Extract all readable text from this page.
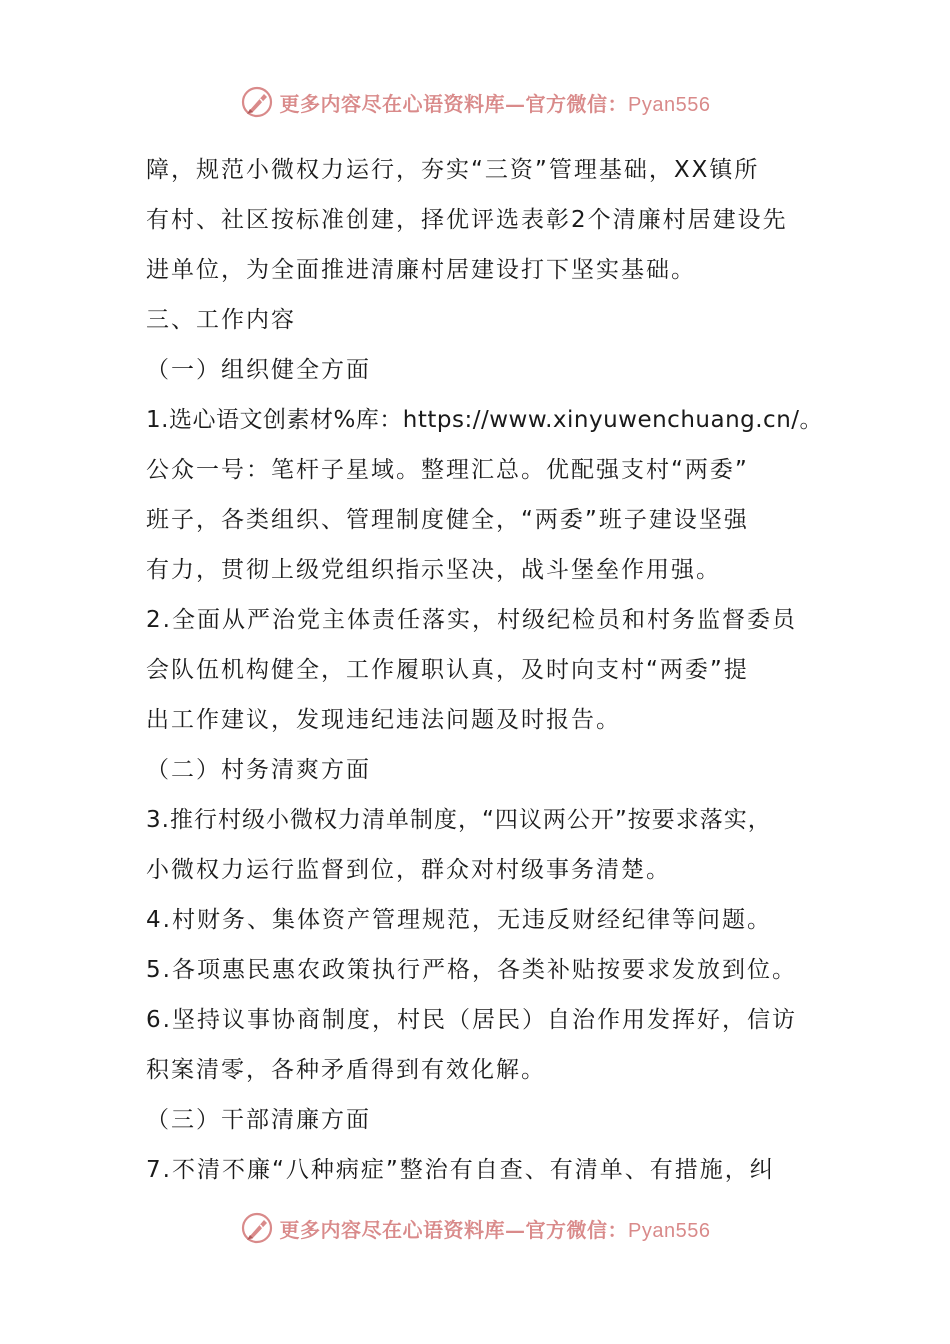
更多内容尽在心语资料库—官方微信：Pyan556
障，规范小微权力运行，夯实“三资”管理基础，XX镇所
有村、社区按标准创建，择优评选表彰2个清廉村居建设先
进单位，为全面推进清廉村居建设打下坚实基础。
三、工作内容
（一）组织健全方面
1.选心语文创素材%库：https://www.xinyuwenchuang.cn/。
公众一号：笔杆子星域。整理汇总。优配强支村“两委”
班子，各类组织、管理制度健全，“两委”班子建设坚强
有力，贯彻上级党组织指示坚决，战斗堡垒作用强。
2.全面从严治党主体责任落实，村级纪检员和村务监督委员
会队伍机构健全，工作履职认真，及时向支村“两委”提
出工作建议，发现违纪违法问题及时报告。
（二）村务清爽方面
3.推行村级小微权力清单制度，“四议两公开”按要求落实，
小微权力运行监督到位，群众对村级事务清楚。
4.村财务、集体资产管理规范，无违反财经纪律等问题。
5.各项惠民惠农政策执行严格，各类补贴按要求发放到位。
6.坚持议事协商制度，村民（居民）自治作用发挥好，信访
积案清零，各种矛盾得到有效化解。
（三）干部清廉方面
7.不清不廉“八种病症”整治有自查、有清单、有措施，纠
更多内容尽在心语资料库—官方微信：Pyan556
